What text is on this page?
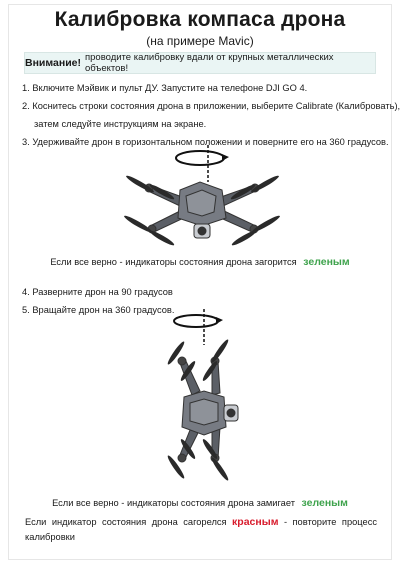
Калибровка компаса дрона
(на примере Mavic)
Внимание! проводите калибровку вдали от крупных металлических объектов!
1. Включите Мэйвик и пульт ДУ. Запустите на телефоне DJI GO 4.
2. Коснитесь строки состояния дрона в приложении, выберите Calibrate (Калибровать),
затем следуйте инструкциям на экране.
3. Удерживайте дрон в горизонтальном положении и поверните его на 360 градусов.
Если все верно - индикаторы состояния дрона загорится зеленым
4. Разверните дрон на 90 градусов
5. Вращайте дрон на 360 градусов.
Если все верно - индикаторы состояния дрона замигает зеленым
Если индикатор состояния дрона сагорелся красным - повторите процесс калибровки
